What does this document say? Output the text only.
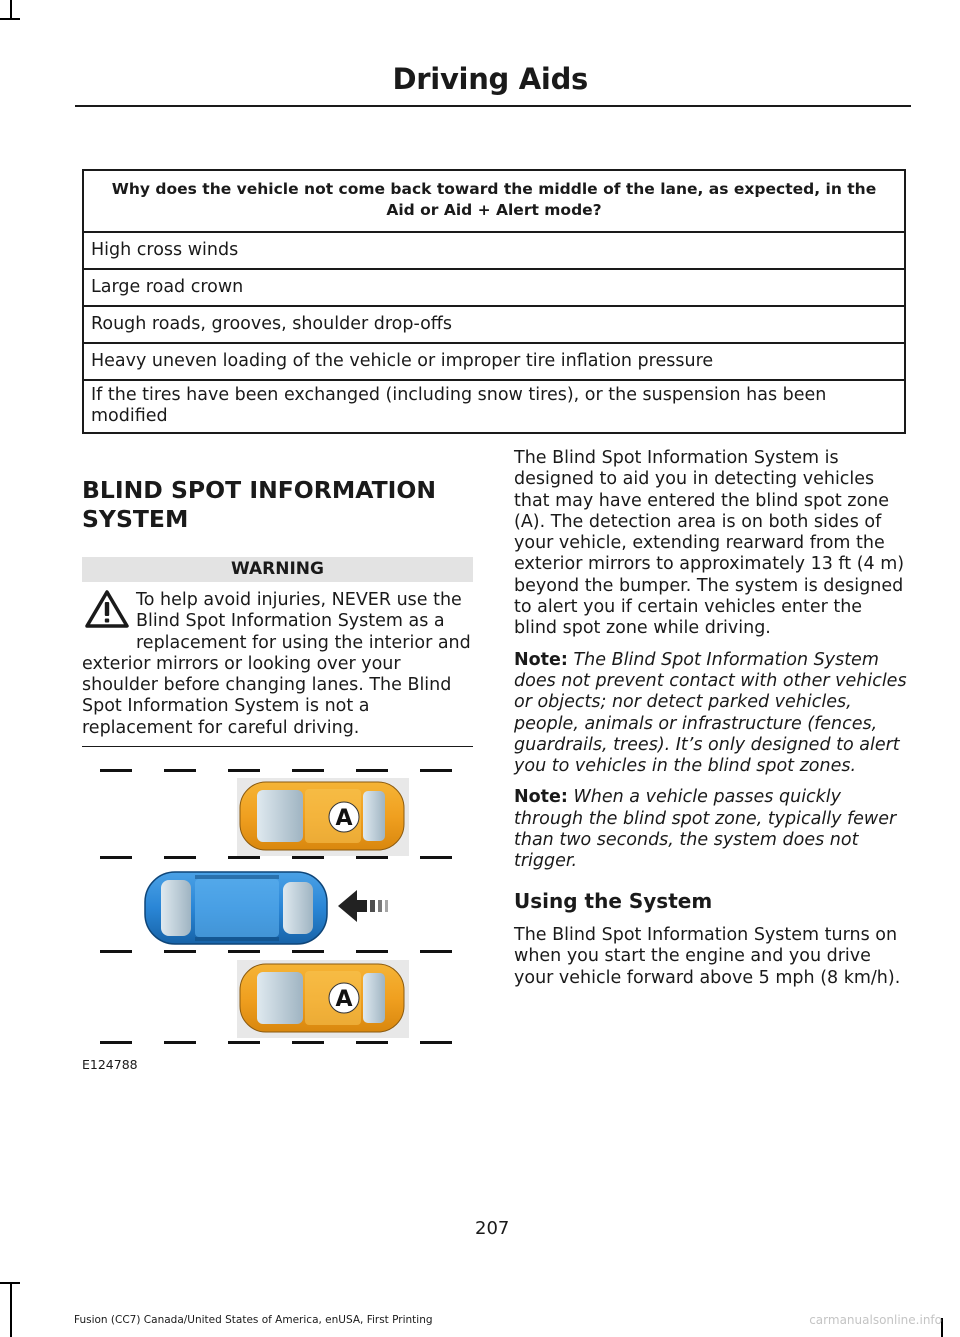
Driving Aids
Why does the vehicle not come back toward the middle of the lane, as expected, in the Aid or Aid + Alert mode?
High cross winds
Large road crown
Rough roads, grooves, shoulder drop-offs
Heavy uneven loading of the vehicle or improper tire inflation pressure
If the tires have been exchanged (including snow tires), or the suspension has been modified
BLIND SPOT INFORMATION SYSTEM
WARNING
To help avoid injuries, NEVER use the Blind Spot Information System as a replacement for using the interior and exterior mirrors or looking over your shoulder before changing lanes. The Blind Spot Information System is not a replacement for careful driving.
A
A
E124788

The Blind Spot Information System is designed to aid you in detecting vehicles that may have entered the blind spot zone (A). The detection area is on both sides of your vehicle, extending rearward from the exterior mirrors to approximately 13 ft (4 m) beyond the bumper. The system is designed to alert you if certain vehicles enter the blind spot zone while driving.

Note: The Blind Spot Information System does not prevent contact with other vehicles or objects; nor detect parked vehicles, people, animals or infrastructure (fences, guardrails, trees). It’s only designed to alert you to vehicles in the blind spot zones.

Note: When a vehicle passes quickly through the blind spot zone, typically fewer than two seconds, the system does not trigger.

Using the System

The Blind Spot Information System turns on when you start the engine and you drive your vehicle forward above 5 mph (8 km/h).

207
Fusion (CC7) Canada/United States of America, enUSA, First Printing	carmanualsonline.info
